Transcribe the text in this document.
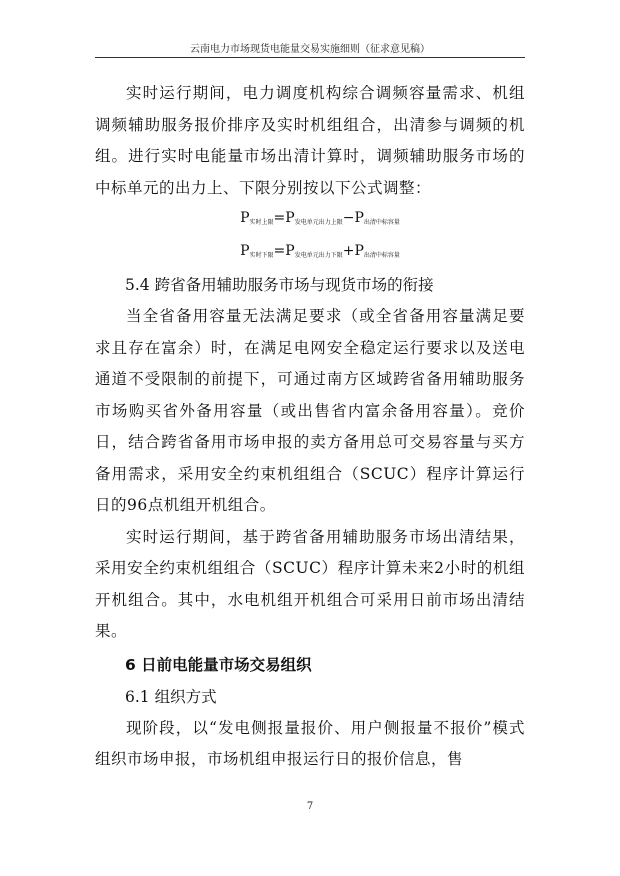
云南电力市场现货电能量交易实施细则（征求意见稿）

实时运行期间，电力调度机构综合调频容量需求、机组调频辅助服务报价排序及实时机组组合，出清参与调频的机组。进行实时电能量市场出清计算时，调频辅助服务市场的中标单元的出力上、下限分别按以下公式调整：

$P_{实时上限}=P_{发电单元出力上限}-P_{出清中标容量}$
$P_{实时下限}=P_{发电单元出力下限}+P_{出清中标容量}$
5.4 跨省备用辅助服务市场与现货市场的衔接

当全省备用容量无法满足要求（或全省备用容量满足要求且存在富余）时，在满足电网安全稳定运行要求以及送电通道不受限制的前提下，可通过南方区域跨省备用辅助服务市场购买省外备用容量（或出售省内富余备用容量）。竞价日，结合跨省备用市场申报的卖方备用总可交易容量与买方备用需求，采用安全约束机组组合（SCUC）程序计算运行日的96点机组开机组合。

实时运行期间，基于跨省备用辅助服务市场出清结果，采用安全约束机组组合（SCUC）程序计算未来2小时的机组开机组合。其中，水电机组开机组合可采用日前市场出清结果。

6 日前电能量市场交易组织
6.1 组织方式

现阶段，以“发电侧报量报价、用户侧报量不报价”模式组织市场申报，市场机组申报运行日的报价信息，售

7
